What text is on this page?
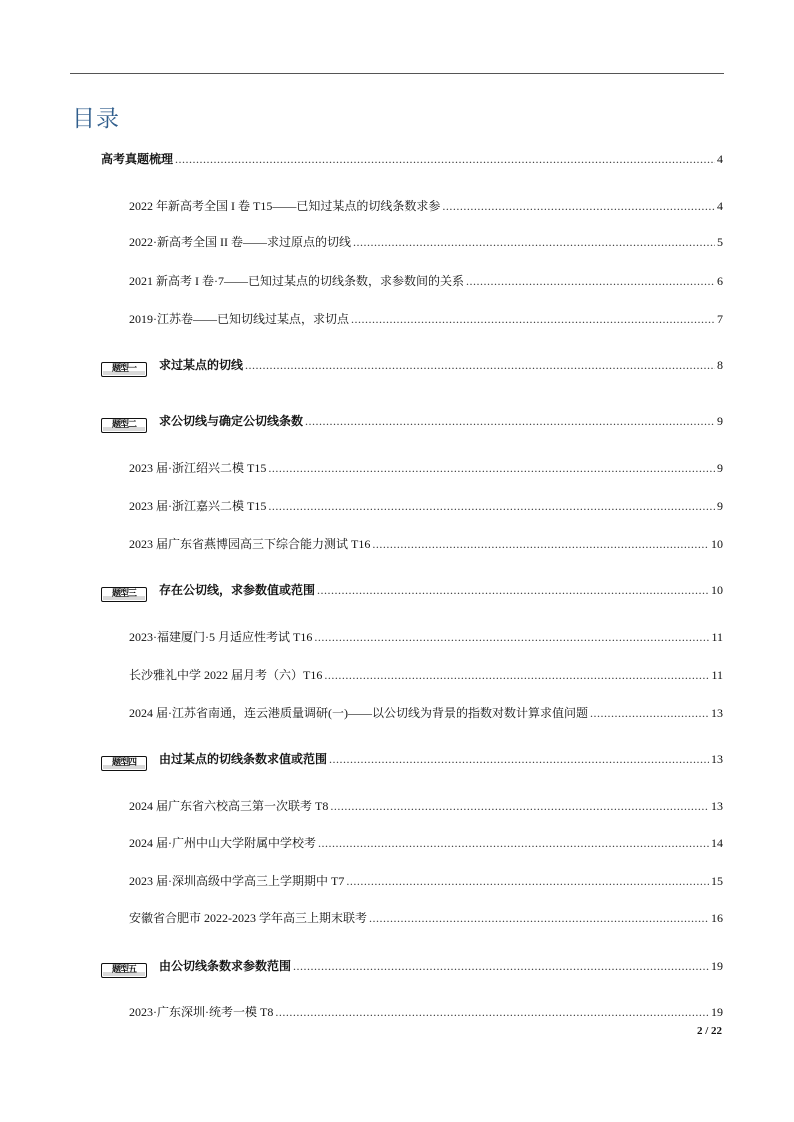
目录
高考真题梳理 .....	4
2022 年新高考全国 I 卷 T15——已知过某点的切线条数求参 .....	4
2022·新高考全国 II 卷——求过原点的切线 .....	5
2021 新高考 I 卷·7——已知过某点的切线条数，求参数间的关系 .....	6
2019·江苏卷——已知切线过某点，求切点 .....	7
题型一	求过某点的切线 .....	8
题型二	求公切线与确定公切线条数 .....	9
2023 届·浙江绍兴二模 T15 .....	9
2023 届·浙江嘉兴二模 T15 .....	9
2023 届广东省燕博园高三下综合能力测试 T16 .....	10
题型三	存在公切线，求参数值或范围 .....	10
2023·福建厦门·5 月适应性考试 T16 .....	11
长沙雅礼中学 2022 届月考（六）T16 .....	11
2024 届·江苏省南通，连云港质量调研(一)——以公切线为背景的指数对数计算求值问题 .....	13
题型四	由过某点的切线条数求值或范围 .....	13
2024 届广东省六校高三第一次联考 T8 .....	13
2024 届·广州中山大学附属中学校考 .....	14
2023 届·深圳高级中学高三上学期期中 T7 .....	15
安徽省合肥市 2022-2023 学年高三上期末联考 .....	16
题型五	由公切线条数求参数范围 .....	19
2023·广东深圳·统考一模 T8 .....	19
2 / 22
